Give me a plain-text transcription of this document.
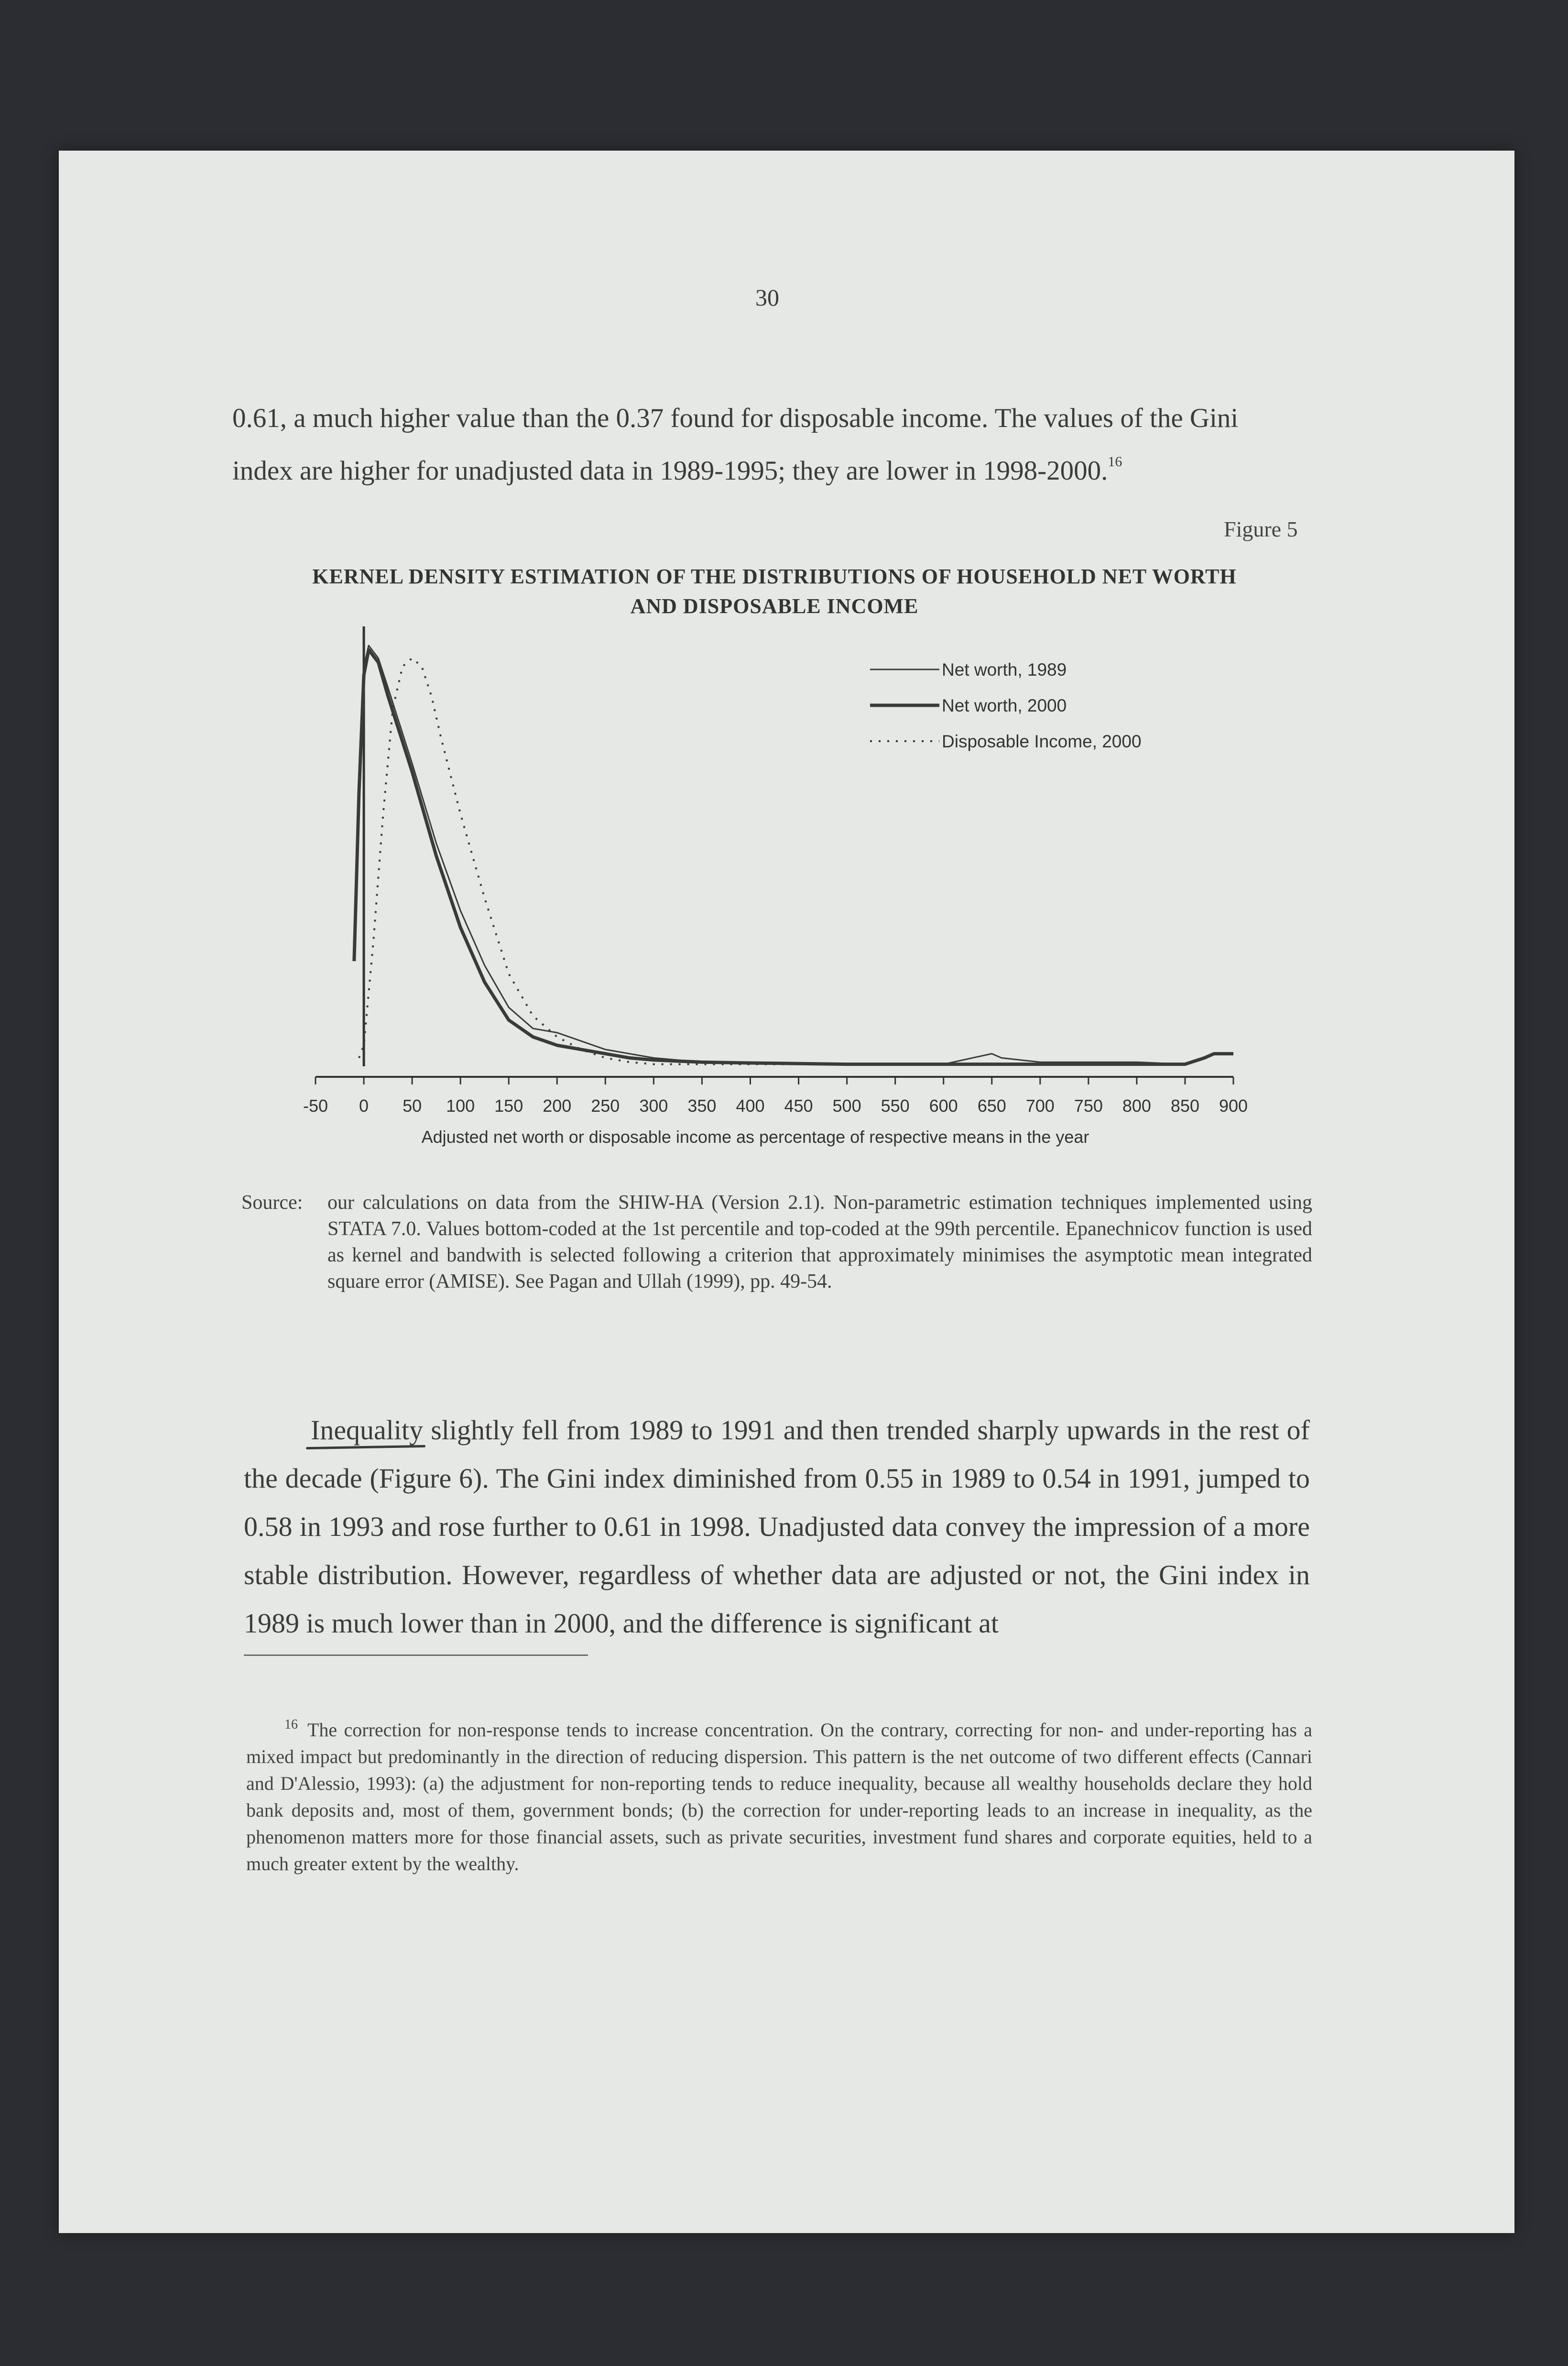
30
0.61, a much higher value than the 0.37 found for disposable income. The values of the Gini
index are higher for unadjusted data in 1989-1995; they are lower in 1998-2000.16
Figure 5
KERNEL DENSITY ESTIMATION OF THE DISTRIBUTIONS OF HOUSEHOLD NET WORTH
AND DISPOSABLE INCOME
-50 0 50 100 150 200 250 300 350 400 450 500 550 600 650 700 750 800 850 900
Net worth, 1989
Net worth, 2000
Disposable Income, 2000
Adjusted net worth or disposable income as percentage of respective means in the year
Source: our calculations on data from the SHIW-HA (Version 2.1). Non-parametric estimation techniques implemented using STATA 7.0. Values bottom-coded at the 1st percentile and top-coded at the 99th percentile. Epanechnicov function is used as kernel and bandwith is selected following a criterion that approximately minimises the asymptotic mean integrated square error (AMISE). See Pagan and Ullah (1999), pp. 49-54.
Inequality slightly fell from 1989 to 1991 and then trended sharply upwards in the rest of the decade (Figure 6). The Gini index diminished from 0.55 in 1989 to 0.54 in 1991, jumped to 0.58 in 1993 and rose further to 0.61 in 1998. Unadjusted data convey the impression of a more stable distribution. However, regardless of whether data are adjusted or not, the Gini index in 1989 is much lower than in 2000, and the difference is significant at
$^{16}$ The correction for non-response tends to increase concentration. On the contrary, correcting for non- and under-reporting has a mixed impact but predominantly in the direction of reducing dispersion. This pattern is the net outcome of two different effects (Cannari and D'Alessio, 1993): (a) the adjustment for non-reporting tends to reduce inequality, because all wealthy households declare they hold bank deposits and, most of them, government bonds; (b) the correction for under-reporting leads to an increase in inequality, as the phenomenon matters more for those financial assets, such as private securities, investment fund shares and corporate equities, held to a much greater extent by the wealthy.
